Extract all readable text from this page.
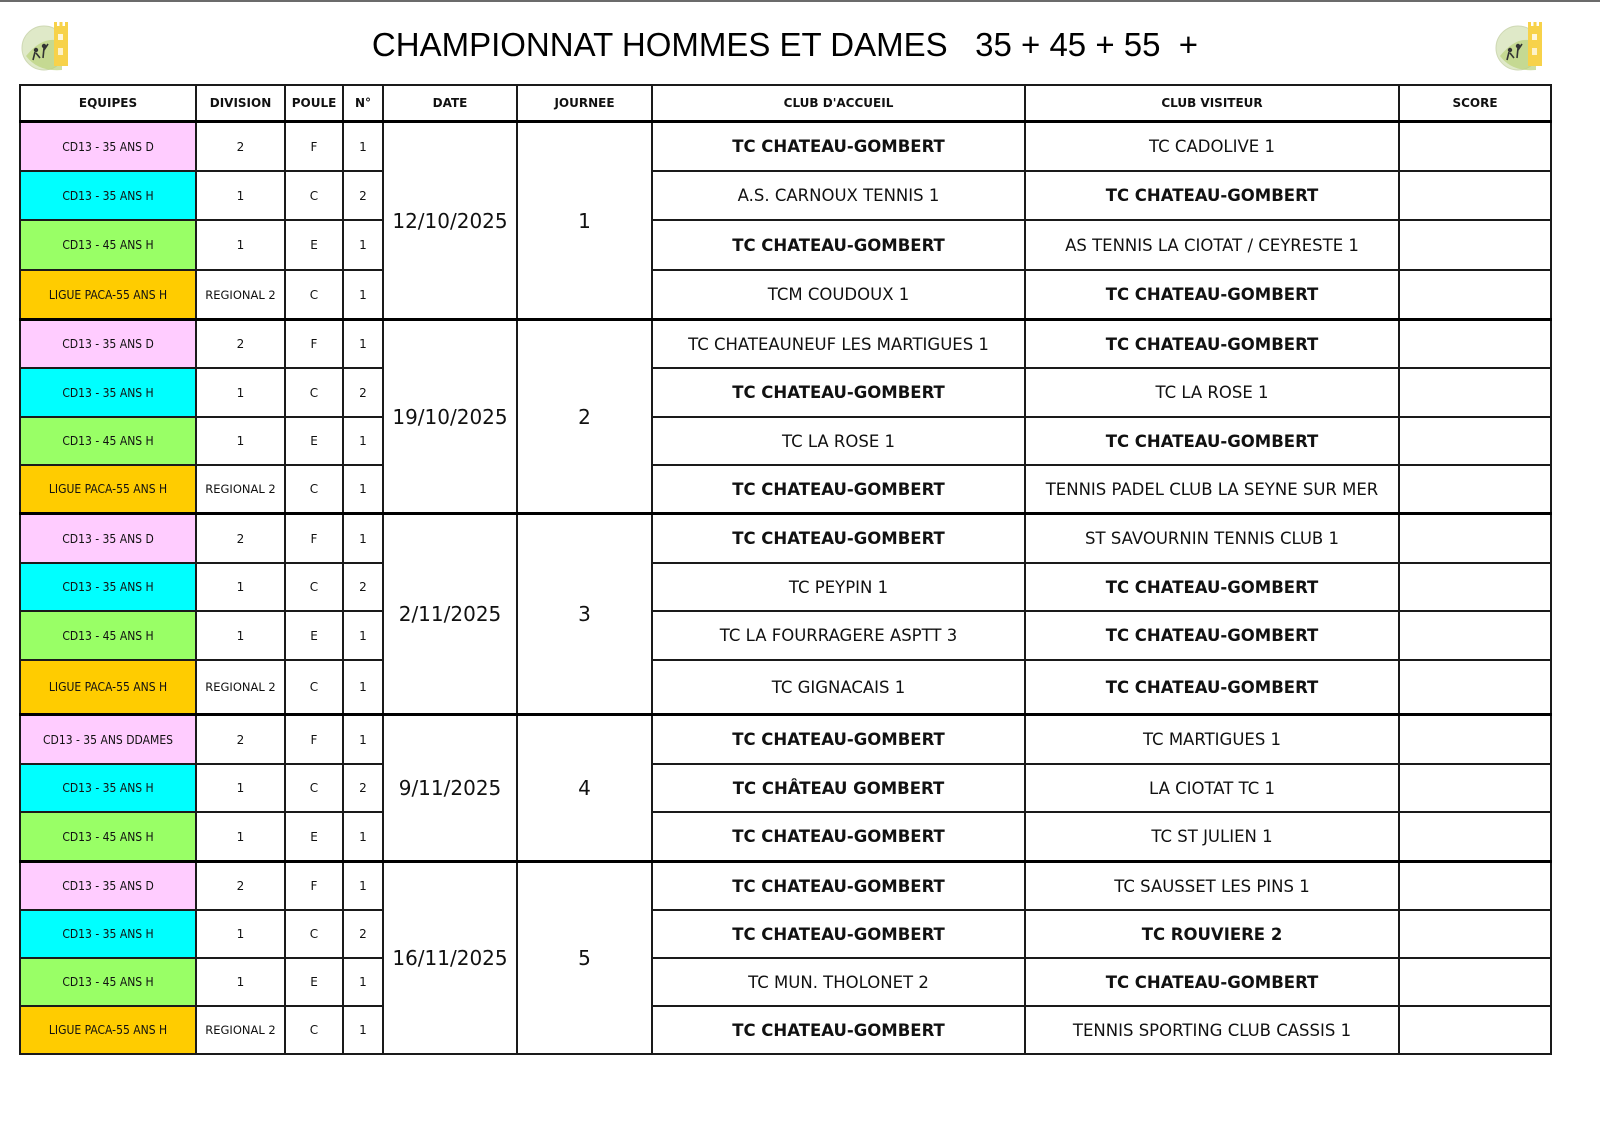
CHAMPIONNAT HOMMES ET DAMES   35 + 45 + 55  +
EQUIPES	DIVISION	POULE	N°	DATE	JOURNEE	CLUB D'ACCUEIL	CLUB VISITEUR	SCORE
CD13 - 35 ANS D	2	F	1	12/10/2025	1	TC CHATEAU-GOMBERT	TC CADOLIVE 1	
CD13 - 35 ANS H	1	C	2			A.S. CARNOUX TENNIS 1	TC CHATEAU-GOMBERT	
CD13 - 45 ANS H	1	E	1			TC CHATEAU-GOMBERT	AS TENNIS LA CIOTAT / CEYRESTE 1	
LIGUE PACA-55 ANS H	REGIONAL 2	C	1			TCM COUDOUX 1	TC CHATEAU-GOMBERT	
CD13 - 35 ANS D	2	F	1	19/10/2025	2	TC CHATEAUNEUF LES MARTIGUES 1	TC CHATEAU-GOMBERT	
CD13 - 35 ANS H	1	C	2			TC CHATEAU-GOMBERT	TC LA ROSE 1	
CD13 - 45 ANS H	1	E	1			TC LA ROSE 1	TC CHATEAU-GOMBERT	
LIGUE PACA-55 ANS H	REGIONAL 2	C	1			TC CHATEAU-GOMBERT	TENNIS PADEL CLUB LA SEYNE SUR MER	
CD13 - 35 ANS D	2	F	1	2/11/2025	3	TC CHATEAU-GOMBERT	ST SAVOURNIN TENNIS CLUB 1	
CD13 - 35 ANS H	1	C	2			TC PEYPIN 1	TC CHATEAU-GOMBERT	
CD13 - 45 ANS H	1	E	1			TC LA FOURRAGERE ASPTT 3	TC CHATEAU-GOMBERT	
LIGUE PACA-55 ANS H	REGIONAL 2	C	1			TC GIGNACAIS 1	TC CHATEAU-GOMBERT	
CD13 - 35 ANS DDAMES	2	F	1	9/11/2025	4	TC CHATEAU-GOMBERT	TC MARTIGUES 1	
CD13 - 35 ANS H	1	C	2			TC CHÂTEAU GOMBERT	LA CIOTAT TC 1	
CD13 - 45 ANS H	1	E	1			TC CHATEAU-GOMBERT	TC ST JULIEN 1	
CD13 - 35 ANS D	2	F	1	16/11/2025	5	TC CHATEAU-GOMBERT	TC SAUSSET LES PINS 1	
CD13 - 35 ANS H	1	C	2			TC CHATEAU-GOMBERT	TC ROUVIERE 2	
CD13 - 45 ANS H	1	E	1			TC MUN. THOLONET 2	TC CHATEAU-GOMBERT	
LIGUE PACA-55 ANS H	REGIONAL 2	C	1			TC CHATEAU-GOMBERT	TENNIS SPORTING CLUB CASSIS 1	
